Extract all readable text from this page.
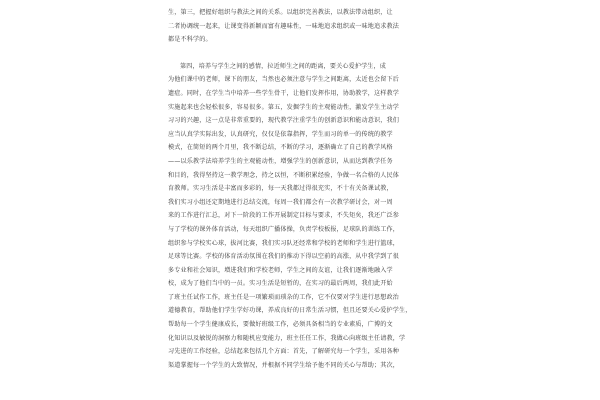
生，第三，把握好组织与教法之间的关系。以组织完善教法，以教法带动组织，让
二者协调统一起来，让课变得新颖而富有趣味性，一味地追求组织或一味地追求教法
都是不科学的。
第四，培养与学生之间的感情，拉近师生之间的距离，要关心爱护学生，成
为他们课中的老师，课下的朋友，当然也必须注意与学生之间距离，太近也会留下后
遗症。同时，在学生当中培养一些学生骨干，让他们发挥作用，协助教学，这样教学
实施起来也会轻松很多，容易很多。第五，发掘学生的主观能动性，激发学生主动学
习习的兴趣，这一点是非常重要的，现代教学注重学生的创新意识和能动意识，我们
应当认真学实际出发，认真研究，仅仅是依靠指挥，学生而习的单一的传统的教学
模式，在简短的两个月里，我不断总结，不断的学习，逐渐确立了自己的教学风格
——以乐教学法培养学生的主观能动性，增强学生的创新意识，从而达到教学任务
和目的，我得坚持这一教学理念，持之以恒，不断积累经验，争做一名合格的人民体
育教师。实习生活是丰富而多彩的，每一天我都过得很充实，不十有关备课试教，
我们实习小组还定期地进行总结交流，每周一我们都会有一次教学研讨会，对一周
来的工作进行汇总，对下一阶段的工作开展制定目标与要求，不失矩矣，我还广泛参
与了学校的课外体育活动，每天组织广播体操，负责学校板报，足球队的训练工作，
组织参与学校实心球，拔河比赛，我们实习队还经常和学校的老师和学生进行篮球，
足球等比赛。学校的体育活动氛围在我们的推动下得以空前的高涨，从中我学到了很
多专业和社会知识，增进我们和学校老师，学生之间的友谊，让我们逐渐地融入学
校，成为了他们当中的一员。实习生活是短暂的，在实习的最后两周，我们此开始
了班主任试作工作，班主任是一项繁琐而琐杂的工作，它不仅要对学生进行思想政治
道德教育，帮助他们学生学好功课，养成良好的日常生活习惯，但且还要关心爱护学生，
帮助每一个学生健康成长，要做好班级工作，必须具备相当的专业素质，广博的文
化知识以及敏锐的洞察力和随机应变能力，班主任任工作，我做心向班级主任请教，学
习先进的工作经验，总结起来包括几个方面：首先，了解研究每一个学生，采用各种
渠道掌握每一个学生的大致情况，并根据不同学生给予他不同的关心与帮助；其次，
